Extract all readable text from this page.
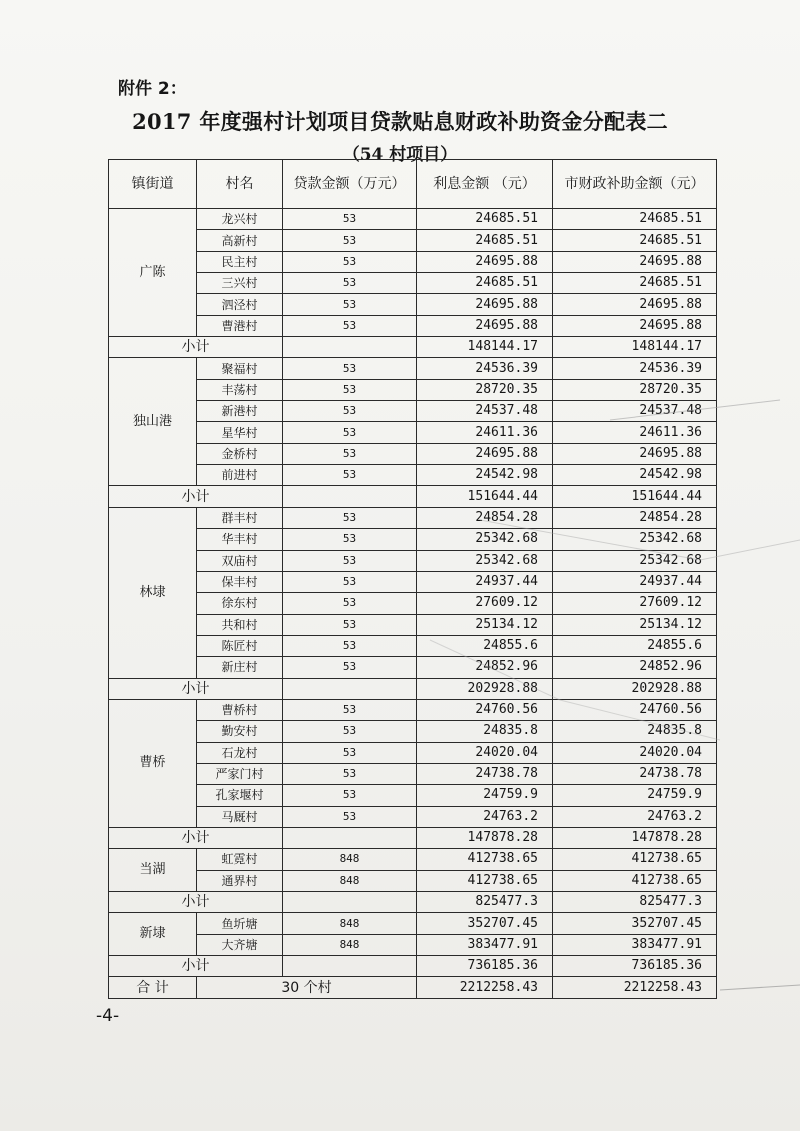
附件 2：
2017 年度强村计划项目贷款贴息财政补助资金分配表二
（54 村项目）
镇街道	村名	贷款金额（万元）	利息金额 （元）	市财政补助金额（元）
广陈	龙兴村	53	24685.51	24685.51
	高新村	53	24685.51	24685.51
	民主村	53	24695.88	24695.88
	三兴村	53	24685.51	24685.51
	泗泾村	53	24695.88	24695.88
	曹港村	53	24695.88	24695.88
小计			148144.17	148144.17
独山港	聚福村	53	24536.39	24536.39
	丰荡村	53	28720.35	28720.35
	新港村	53	24537.48	24537.48
	星华村	53	24611.36	24611.36
	金桥村	53	24695.88	24695.88
	前进村	53	24542.98	24542.98
小计			151644.44	151644.44
林埭	群丰村	53	24854.28	24854.28
	华丰村	53	25342.68	25342.68
	双庙村	53	25342.68	25342.68
	保丰村	53	24937.44	24937.44
	徐东村	53	27609.12	27609.12
	共和村	53	25134.12	25134.12
	陈匠村	53	24855.6	24855.6
	新庄村	53	24852.96	24852.96
小计			202928.88	202928.88
曹桥	曹桥村	53	24760.56	24760.56
	勤安村	53	24835.8	24835.8
	石龙村	53	24020.04	24020.04
	严家门村	53	24738.78	24738.78
	孔家堰村	53	24759.9	24759.9
	马厩村	53	24763.2	24763.2
小计			147878.28	147878.28
当湖	虹霓村	848	412738.65	412738.65
	通界村	848	412738.65	412738.65
小计			825477.3	825477.3
新埭	鱼圻塘	848	352707.45	352707.45
	大齐塘	848	383477.91	383477.91
小计			736185.36	736185.36
合 计	30 个村		2212258.43	2212258.43
-4-
